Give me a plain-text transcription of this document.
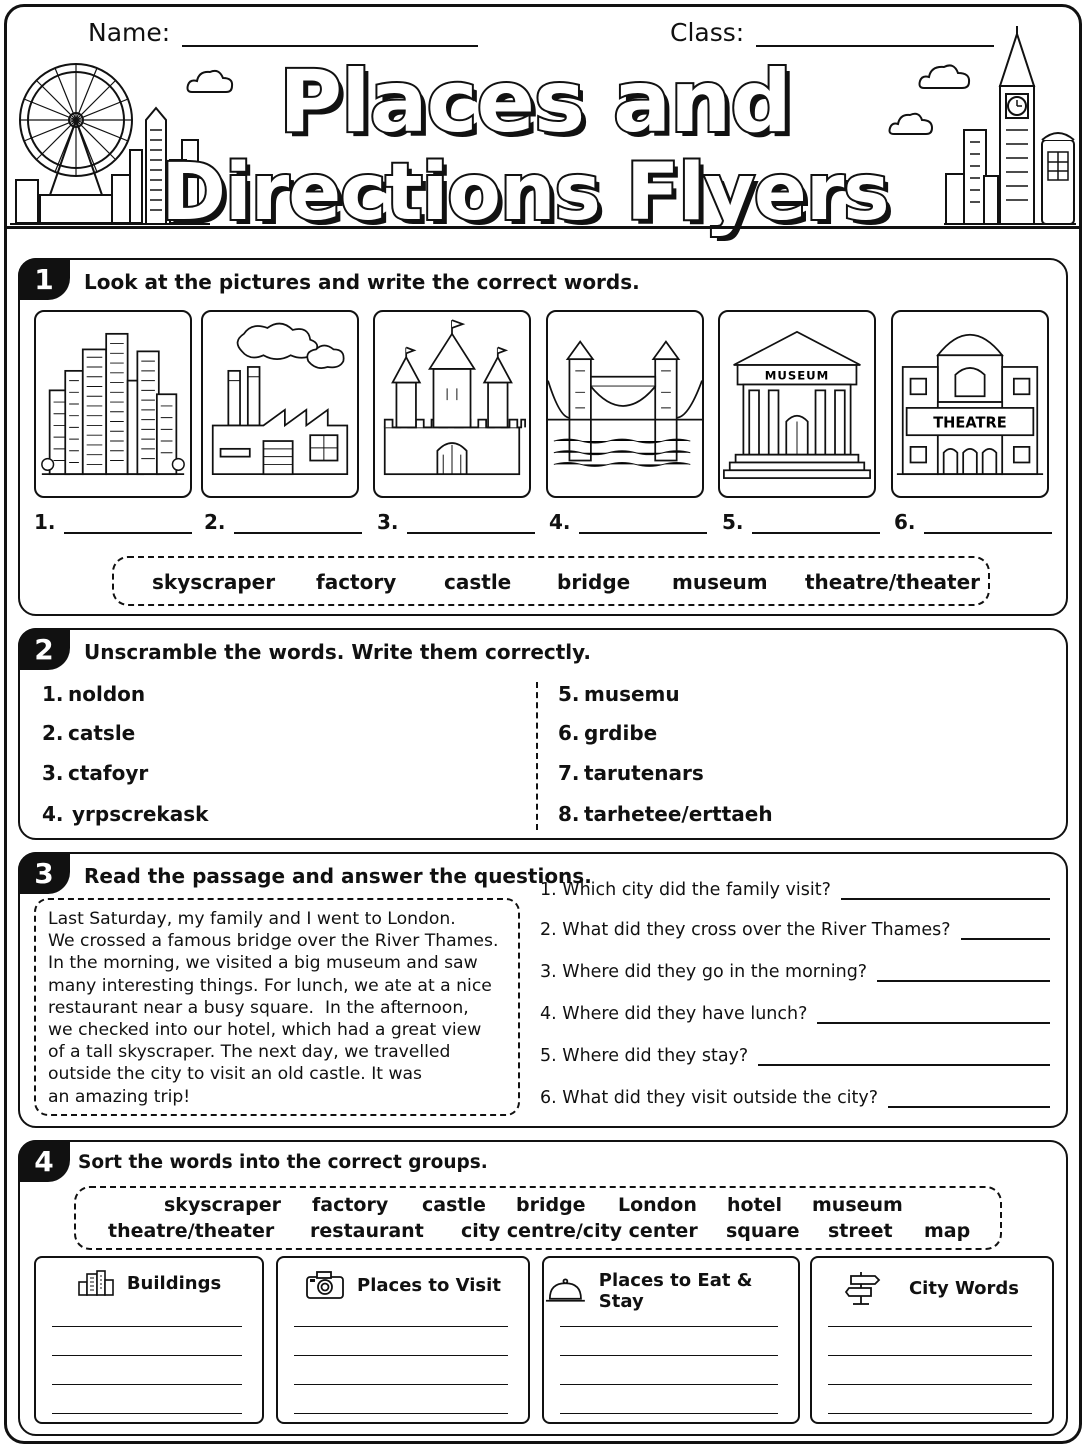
Name:	Class:
Places and
Directions Flyers
1	Look at the pictures and write the correct words.
MUSEUM
THEATRE
1.	2.	3.	4.	5.	6.
skyscraper factory castle bridge museum theatre/theater
2	Unscramble the words. Write them correctly.
1. noldon
2. catsle
3. ctafoyr
4. yrpscrekask
5. musemu
6. grdibe
7. tarutenars
8. tarhetee/erttaeh
3	Read the passage and answer the questions.
Last Saturday, my family and I went to London.
We crossed a famous bridge over the River Thames.
In the morning, we visited a big museum and saw
many interesting things. For lunch, we ate at a nice
restaurant near a busy square.  In the afternoon,
we checked into our hotel, which had a great view
of a tall skyscraper. The next day, we travelled
outside the city to visit an old castle. It was
an amazing trip!
1. Which city did the family visit?
2. What did they cross over the River Thames?
3. Where did they go in the morning?
4. Where did they have lunch?
5. Where did they stay?
6. What did they visit outside the city?
4	Sort the words into the correct groups.
skyscraper factory castle bridge London hotel museum
theatre/theater restaurant city centre/city center square street map
Buildings	Places to Visit	Places to Eat & Stay
City Words
